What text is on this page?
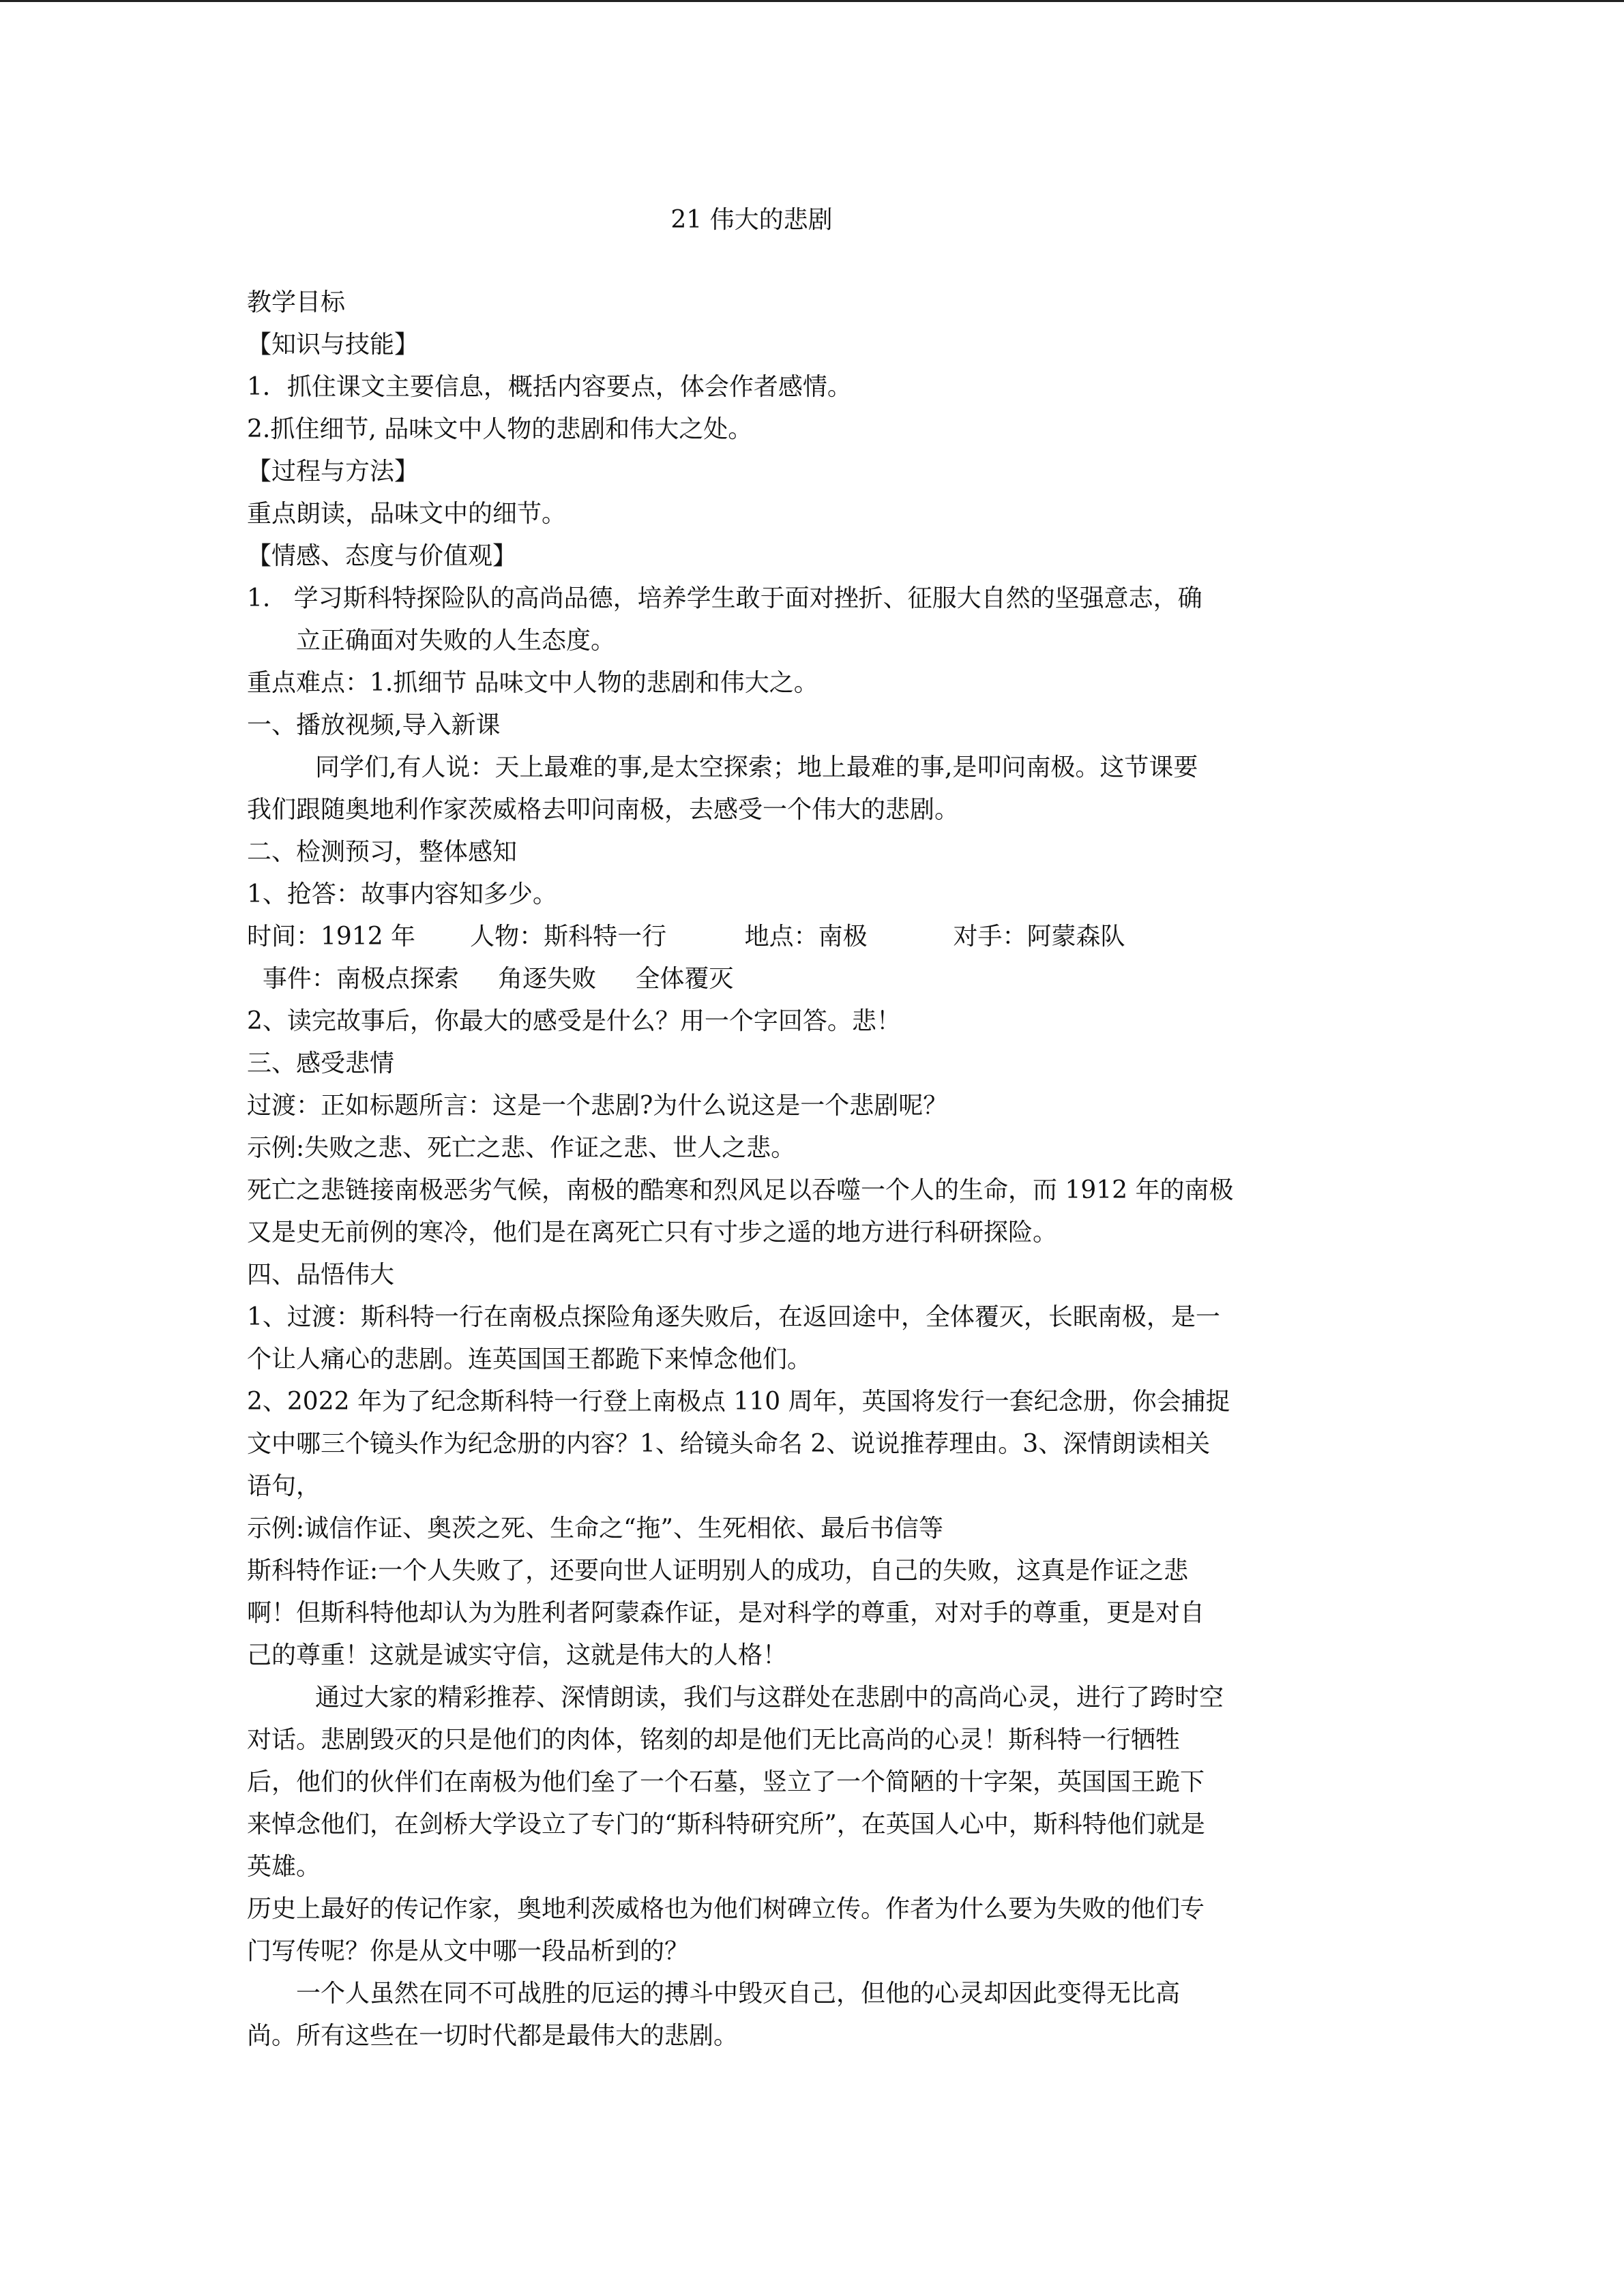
21 伟大的悲剧
教学目标
【知识与技能】
1．抓住课文主要信息，概括内容要点，体会作者感情。
2.抓住细节, 品味文中人物的悲剧和伟大之处。
【过程与方法】
重点朗读，品味文中的细节。
【情感、态度与价值观】
1.   学习斯科特探险队的高尚品德，培养学生敢于面对挫折、征服大自然的坚强意志，确
立正确面对失败的人生态度。
重点难点：1.抓细节 品味文中人物的悲剧和伟大之。
一、播放视频,导入新课
同学们,有人说：天上最难的事,是太空探索；地上最难的事,是叩问南极。这节课要
我们跟随奥地利作家茨威格去叩问南极，去感受一个伟大的悲剧。
二、检测预习，整体感知
1、抢答：故事内容知多少。
时间：1912 年       人物：斯科特一行          地点：南极           对手：阿蒙森队
事件：南极点探索     角逐失败     全体覆灭
2、读完故事后，你最大的感受是什么？用一个字回答。悲！
三、感受悲情
过渡：正如标题所言：这是一个悲剧?为什么说这是一个悲剧呢？
示例:失败之悲、死亡之悲、作证之悲、世人之悲。
死亡之悲链接南极恶劣气候，南极的酷寒和烈风足以吞噬一个人的生命，而 1912 年的南极
又是史无前例的寒冷，他们是在离死亡只有寸步之遥的地方进行科研探险。
四、品悟伟大
1、过渡：斯科特一行在南极点探险角逐失败后，在返回途中，全体覆灭，长眠南极，是一
个让人痛心的悲剧。连英国国王都跪下来悼念他们。
2、2022 年为了纪念斯科特一行登上南极点 110 周年，英国将发行一套纪念册，你会捕捉
文中哪三个镜头作为纪念册的内容？1、给镜头命名 2、说说推荐理由。3、深情朗读相关
语句，
示例:诚信作证、奥茨之死、生命之“拖”、生死相依、最后书信等
斯科特作证:一个人失败了，还要向世人证明别人的成功，自己的失败，这真是作证之悲
啊！但斯科特他却认为为胜利者阿蒙森作证，是对科学的尊重，对对手的尊重，更是对自
己的尊重！这就是诚实守信，这就是伟大的人格！
通过大家的精彩推荐、深情朗读，我们与这群处在悲剧中的高尚心灵，进行了跨时空
对话。悲剧毁灭的只是他们的肉体，铭刻的却是他们无比高尚的心灵！斯科特一行牺牲
后，他们的伙伴们在南极为他们垒了一个石墓，竖立了一个简陋的十字架，英国国王跪下
来悼念他们，在剑桥大学设立了专门的“斯科特研究所”，在英国人心中，斯科特他们就是
英雄。
历史上最好的传记作家，奥地利茨威格也为他们树碑立传。作者为什么要为失败的他们专
门写传呢？你是从文中哪一段品析到的？
一个人虽然在同不可战胜的厄运的搏斗中毁灭自己，但他的心灵却因此变得无比高
尚。所有这些在一切时代都是最伟大的悲剧。
